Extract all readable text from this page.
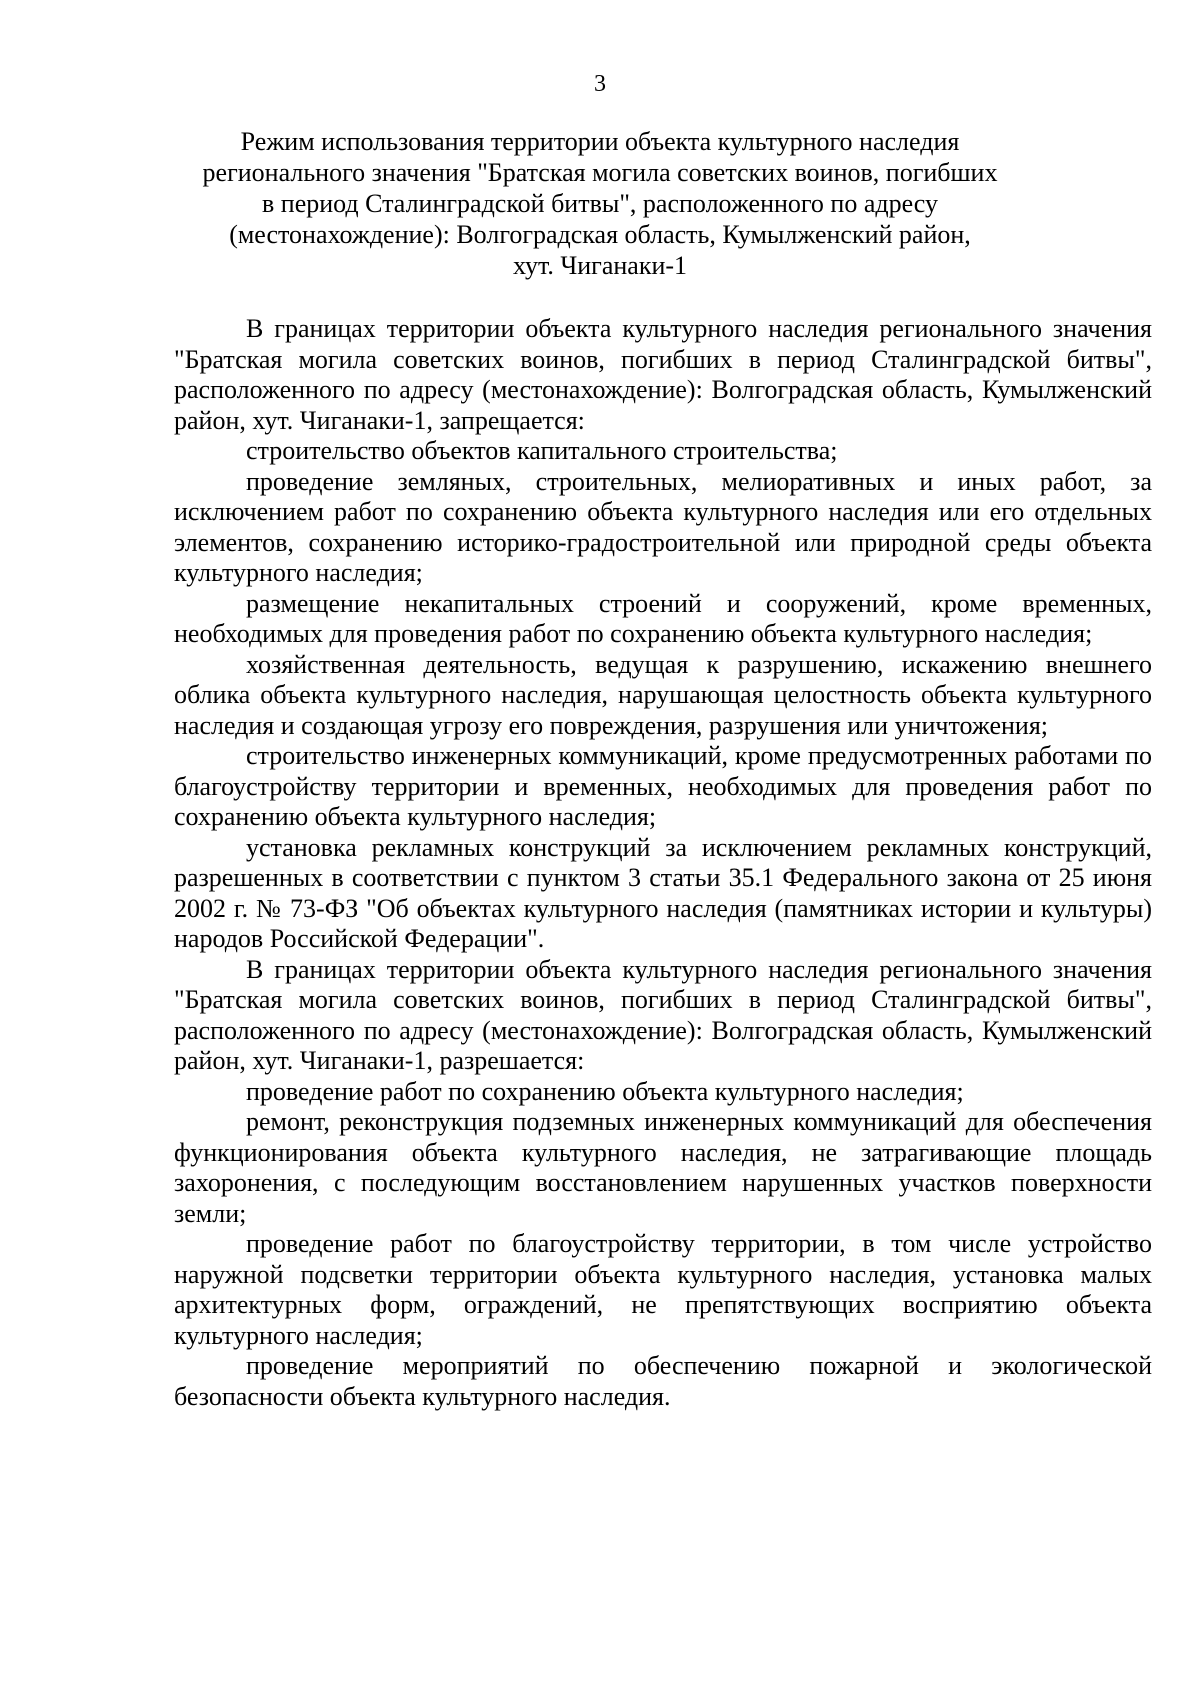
3
Режим использования территории объекта культурного наследия
регионального значения "Братская могила советских воинов, погибших
в период Сталинградской битвы", расположенного по адресу
(местонахождение): Волгоградская область, Кумылженский район,
хут. Чиганаки-1

В границах территории объекта культурного наследия регионального значения "Братская могила советских воинов, погибших в период Сталинградской битвы", расположенного по адресу (местонахождение): Волгоградская область, Кумылженский район, хут. Чиганаки-1, запрещается:

строительство объектов капитального строительства;

проведение земляных, строительных, мелиоративных и иных работ, за исключением работ по сохранению объекта культурного наследия или его отдельных элементов, сохранению историко-градостроительной или природной среды объекта культурного наследия;

размещение некапитальных строений и сооружений, кроме временных, необходимых для проведения работ по сохранению объекта культурного наследия;

хозяйственная деятельность, ведущая к разрушению, искажению внешнего облика объекта культурного наследия, нарушающая целостность объекта культурного наследия и создающая угрозу его повреждения, разрушения или уничтожения;

строительство инженерных коммуникаций, кроме предусмотренных работами по благоустройству территории и временных, необходимых для проведения работ по сохранению объекта культурного наследия;

установка рекламных конструкций за исключением рекламных конструкций, разрешенных в соответствии с пунктом 3 статьи 35.1 Федерального закона от 25 июня 2002 г. № 73-ФЗ "Об объектах культурного наследия (памятниках истории и культуры) народов Российской Федерации".

В границах территории объекта культурного наследия регионального значения "Братская могила советских воинов, погибших в период Сталинградской битвы", расположенного по адресу (местонахождение): Волгоградская область, Кумылженский район, хут. Чиганаки-1, разрешается:

проведение работ по сохранению объекта культурного наследия;

ремонт, реконструкция подземных инженерных коммуникаций для обеспечения функционирования объекта культурного наследия, не затрагивающие площадь захоронения, с последующим восстановлением нарушенных участков поверхности земли;

проведение работ по благоустройству территории, в том числе устройство наружной подсветки территории объекта культурного наследия, установка малых архитектурных форм, ограждений, не препятствующих восприятию объекта культурного наследия;

проведение мероприятий по обеспечению пожарной и экологической безопасности объекта культурного наследия.
